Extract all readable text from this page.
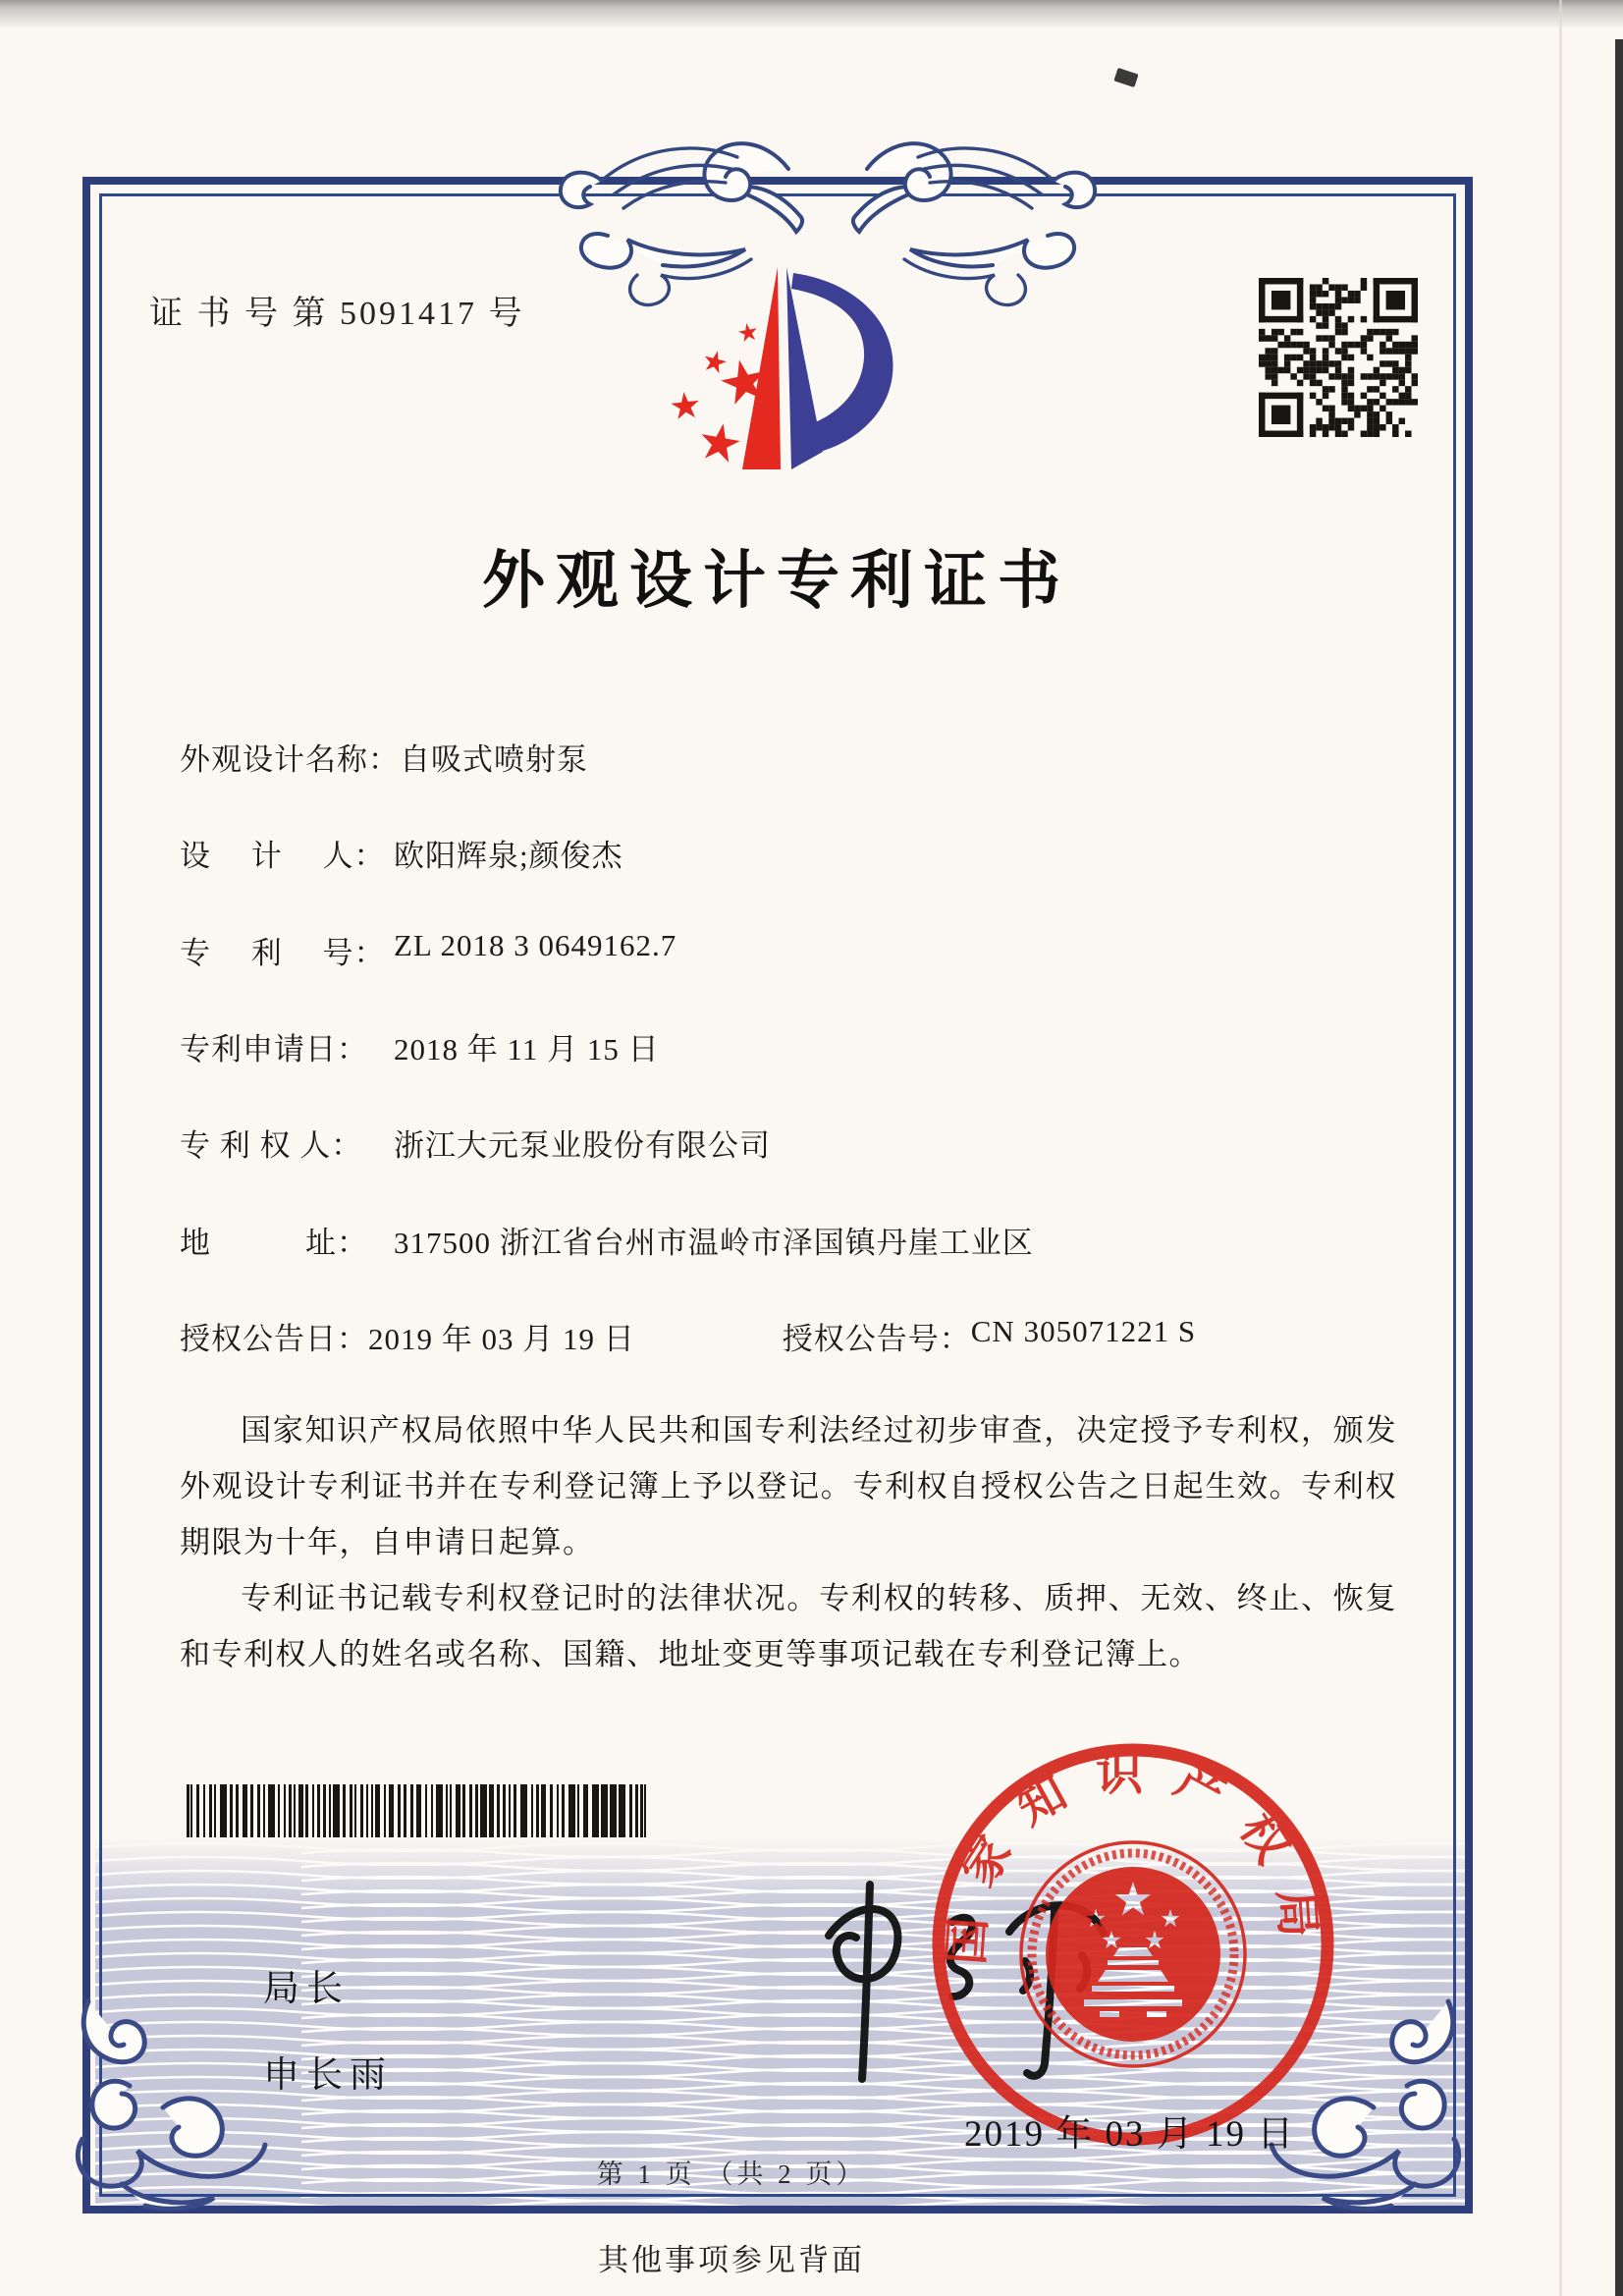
证 书 号 第 5091417 号
外观设计专利证书
外观设计名称： 自吸式喷射泵
设　 计　 人： 欧阳辉泉;颜俊杰
专　 利　 号： ZL 2018 3 0649162.7
专利申请日： 2018 年 11 月 15 日
专 利 权 人：	浙江大元泵业股份有限公司
地　　　址： 317500 浙江省台州市温岭市泽国镇丹崖工业区
授权公告日： 2019 年 03 月 19 日	授权公告号： CN 305071221 S

国家知识产权局依照中华人民共和国专利法经过初步审查，决定授予专利权，颁发外观设计专利证书并在专利登记簿上予以登记。专利权自授权公告之日起生效。专利权期限为十年，自申请日起算。

专利证书记载专利权登记时的法律状况。专利权的转移、质押、无效、终止、恢复和专利权人的姓名或名称、国籍、地址变更等事项记载在专利登记簿上。

局长
申长雨
国家知识产权局
2019 年 03 月 19 日
第 1 页 （共 2 页）
其他事项参见背面
